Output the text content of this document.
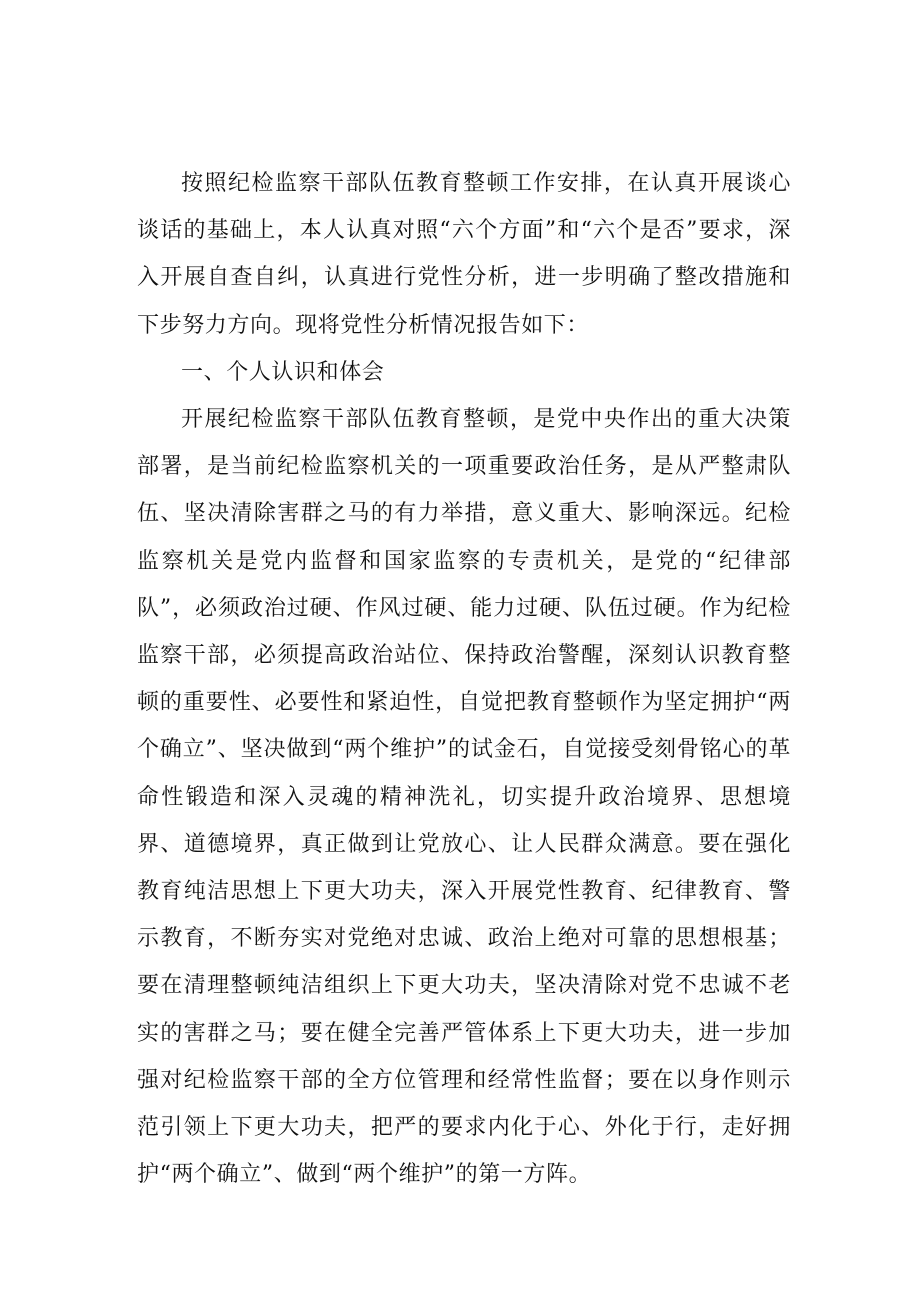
按照纪检监察干部队伍教育整顿工作安排，在认真开展谈心谈话的基础上，本人认真对照“六个方面”和“六个是否”要求，深入开展自查自纠，认真进行党性分析，进一步明确了整改措施和下步努力方向。现将党性分析情况报告如下：

一、个人认识和体会

开展纪检监察干部队伍教育整顿，是党中央作出的重大决策部署，是当前纪检监察机关的一项重要政治任务，是从严整肃队伍、坚决清除害群之马的有力举措，意义重大、影响深远。纪检监察机关是党内监督和国家监察的专责机关，是党的“纪律部队”，必须政治过硬、作风过硬、能力过硬、队伍过硬。作为纪检监察干部，必须提高政治站位、保持政治警醒，深刻认识教育整顿的重要性、必要性和紧迫性，自觉把教育整顿作为坚定拥护“两个确立”、坚决做到“两个维护”的试金石，自觉接受刻骨铭心的革命性锻造和深入灵魂的精神洗礼，切实提升政治境界、思想境界、道德境界，真正做到让党放心、让人民群众满意。要在强化教育纯洁思想上下更大功夫，深入开展党性教育、纪律教育、警示教育，不断夯实对党绝对忠诚、政治上绝对可靠的思想根基；要在清理整顿纯洁组织上下更大功夫，坚决清除对党不忠诚不老实的害群之马；要在健全完善严管体系上下更大功夫，进一步加强对纪检监察干部的全方位管理和经常性监督；要在以身作则示范引领上下更大功夫，把严的要求内化于心、外化于行，走好拥护“两个确立”、做到“两个维护”的第一方阵。
